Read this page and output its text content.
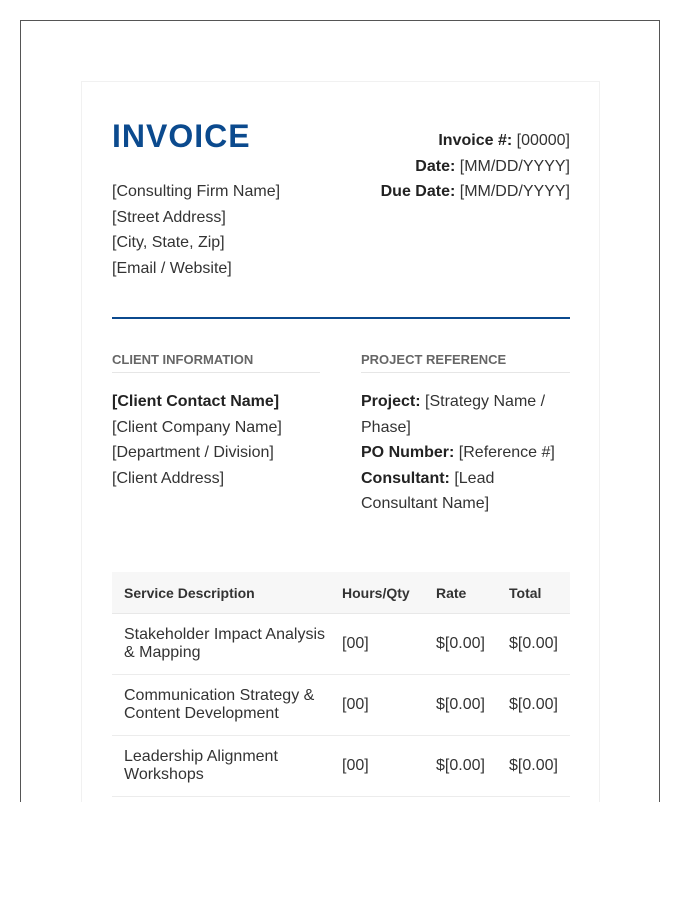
INVOICE
[Consulting Firm Name]
[Street Address]
[City, State, Zip]
[Email / Website]
Invoice #: [00000]
Date: [MM/DD/YYYY]
Due Date: [MM/DD/YYYY]
CLIENT INFORMATION
[Client Contact Name]
[Client Company Name]
[Department / Division]
[Client Address]
PROJECT REFERENCE
Project: [Strategy Name / Phase]
PO Number: [Reference #]
Consultant: [Lead Consultant Name]
Service Description	Hours/Qty	Rate	Total
Stakeholder Impact Analysis & Mapping	[00]	$[0.00]	$[0.00]
Communication Strategy & Content Development	[00]	$[0.00]	$[0.00]
Leadership Alignment Workshops	[00]	$[0.00]	$[0.00]
